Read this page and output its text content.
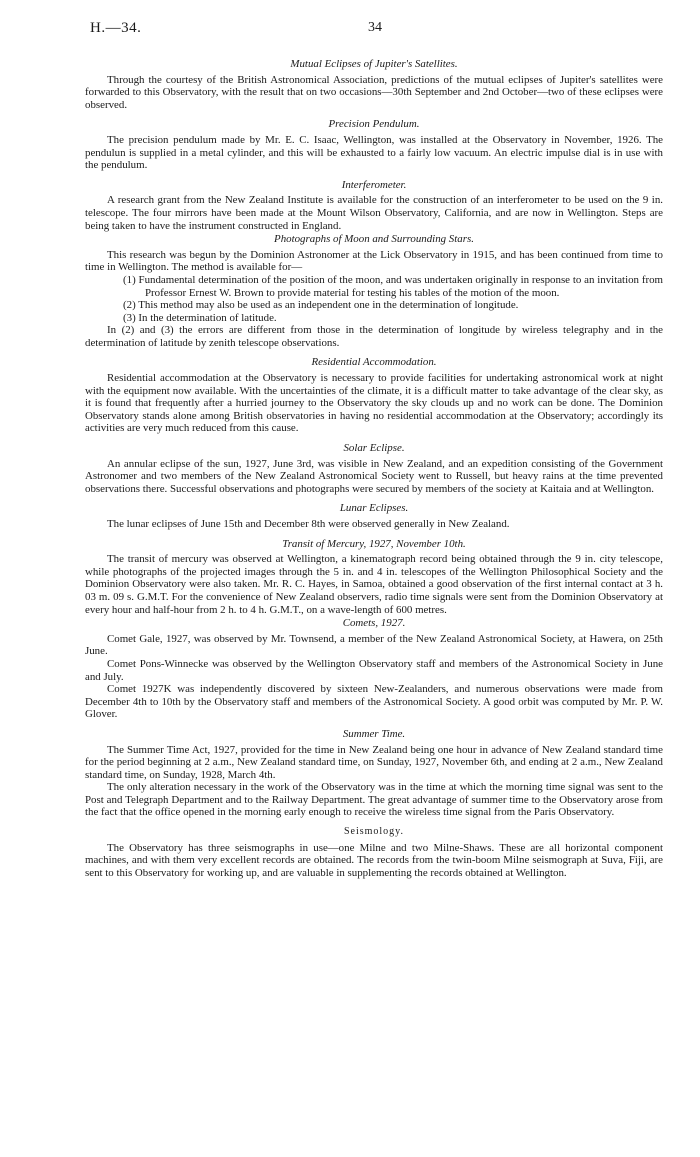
H.—34.	34
Mutual Eclipses of Jupiter's Satellites.

Through the courtesy of the British Astronomical Association, predictions of the mutual eclipses of Jupiter's satellites were forwarded to this Observatory, with the result that on two occasions—30th September and 2nd October—two of these eclipses were observed.

Precision Pendulum.

The precision pendulum made by Mr. E. C. Isaac, Wellington, was installed at the Observatory in November, 1926. The pendulun is supplied in a metal cylinder, and this will be exhausted to a fairly low vacuum. An electric impulse dial is in use with the pendulum.

Interferometer.

A research grant from the New Zealand Institute is available for the construction of an interferometer to be used on the 9 in. telescope. The four mirrors have been made at the Mount Wilson Observatory, California, and are now in Wellington. Steps are being taken to have the instrument constructed in England.

Photographs of Moon and Surrounding Stars.

This research was begun by the Dominion Astronomer at the Lick Observatory in 1915, and has been continued from time to time in Wellington. The method is available for—

(1) Fundamental determination of the position of the moon, and was undertaken originally in response to an invitation from Professor Ernest W. Brown to provide material for testing his tables of the motion of the moon.
(2) This method may also be used as an independent one in the determination of longitude.
(3) In the determination of latitude.

In (2) and (3) the errors are different from those in the determination of longitude by wireless telegraphy and in the determination of latitude by zenith telescope observations.

Residential Accommodation.

Residential accommodation at the Observatory is necessary to provide facilities for undertaking astronomical work at night with the equipment now available. With the uncertainties of the climate, it is a difficult matter to take advantage of the clear sky, as it is found that frequently after a hurried journey to the Observatory the sky clouds up and no work can be done. The Dominion Observatory stands alone among British observatories in having no residential accommodation at the Observatory; accordingly its activities are very much reduced from this cause.

Solar Eclipse.

An annular eclipse of the sun, 1927, June 3rd, was visible in New Zealand, and an expedition consisting of the Government Astronomer and two members of the New Zealand Astronomical Society went to Russell, but heavy rains at the time prevented observations there. Successful observations and photographs were secured by members of the society at Kaitaia and at Wellington.

Lunar Eclipses.

The lunar eclipses of June 15th and December 8th were observed generally in New Zealand.

Transit of Mercury, 1927, November 10th.

The transit of mercury was observed at Wellington, a kinematograph record being obtained through the 9 in. city telescope, while photographs of the projected images through the 5 in. and 4 in. telescopes of the Wellington Philosophical Society and the Dominion Observatory were also taken. Mr. R. C. Hayes, in Samoa, obtained a good observation of the first internal contact at 3 h. 03 m. 09 s. G.M.T. For the convenience of New Zealand observers, radio time signals were sent from the Dominion Observatory at every hour and half-hour from 2 h. to 4 h. G.M.T., on a wave-length of 600 metres.

Comets, 1927.

Comet Gale, 1927, was observed by Mr. Townsend, a member of the New Zealand Astronomical Society, at Hawera, on 25th June.

Comet Pons-Winnecke was observed by the Wellington Observatory staff and members of the Astronomical Society in June and July.

Comet 1927K was independently discovered by sixteen New-Zealanders, and numerous observations were made from December 4th to 10th by the Observatory staff and members of the Astronomical Society. A good orbit was computed by Mr. P. W. Glover.

Summer Time.

The Summer Time Act, 1927, provided for the time in New Zealand being one hour in advance of New Zealand standard time for the period beginning at 2 a.m., New Zealand standard time, on Sunday, 1927, November 6th, and ending at 2 a.m., New Zealand standard time, on Sunday, 1928, March 4th.

The only alteration necessary in the work of the Observatory was in the time at which the morning time signal was sent to the Post and Telegraph Department and to the Railway Department. The great advantage of summer time to the Observatory arose from the fact that the office opened in the morning early enough to receive the wireless time signal from the Paris Observatory.

Seismology.

The Observatory has three seismographs in use—one Milne and two Milne-Shaws. These are all horizontal component machines, and with them very excellent records are obtained. The records from the twin-boom Milne seismograph at Suva, Fiji, are sent to this Observatory for working up, and are valuable in supplementing the records obtained at Wellington.
